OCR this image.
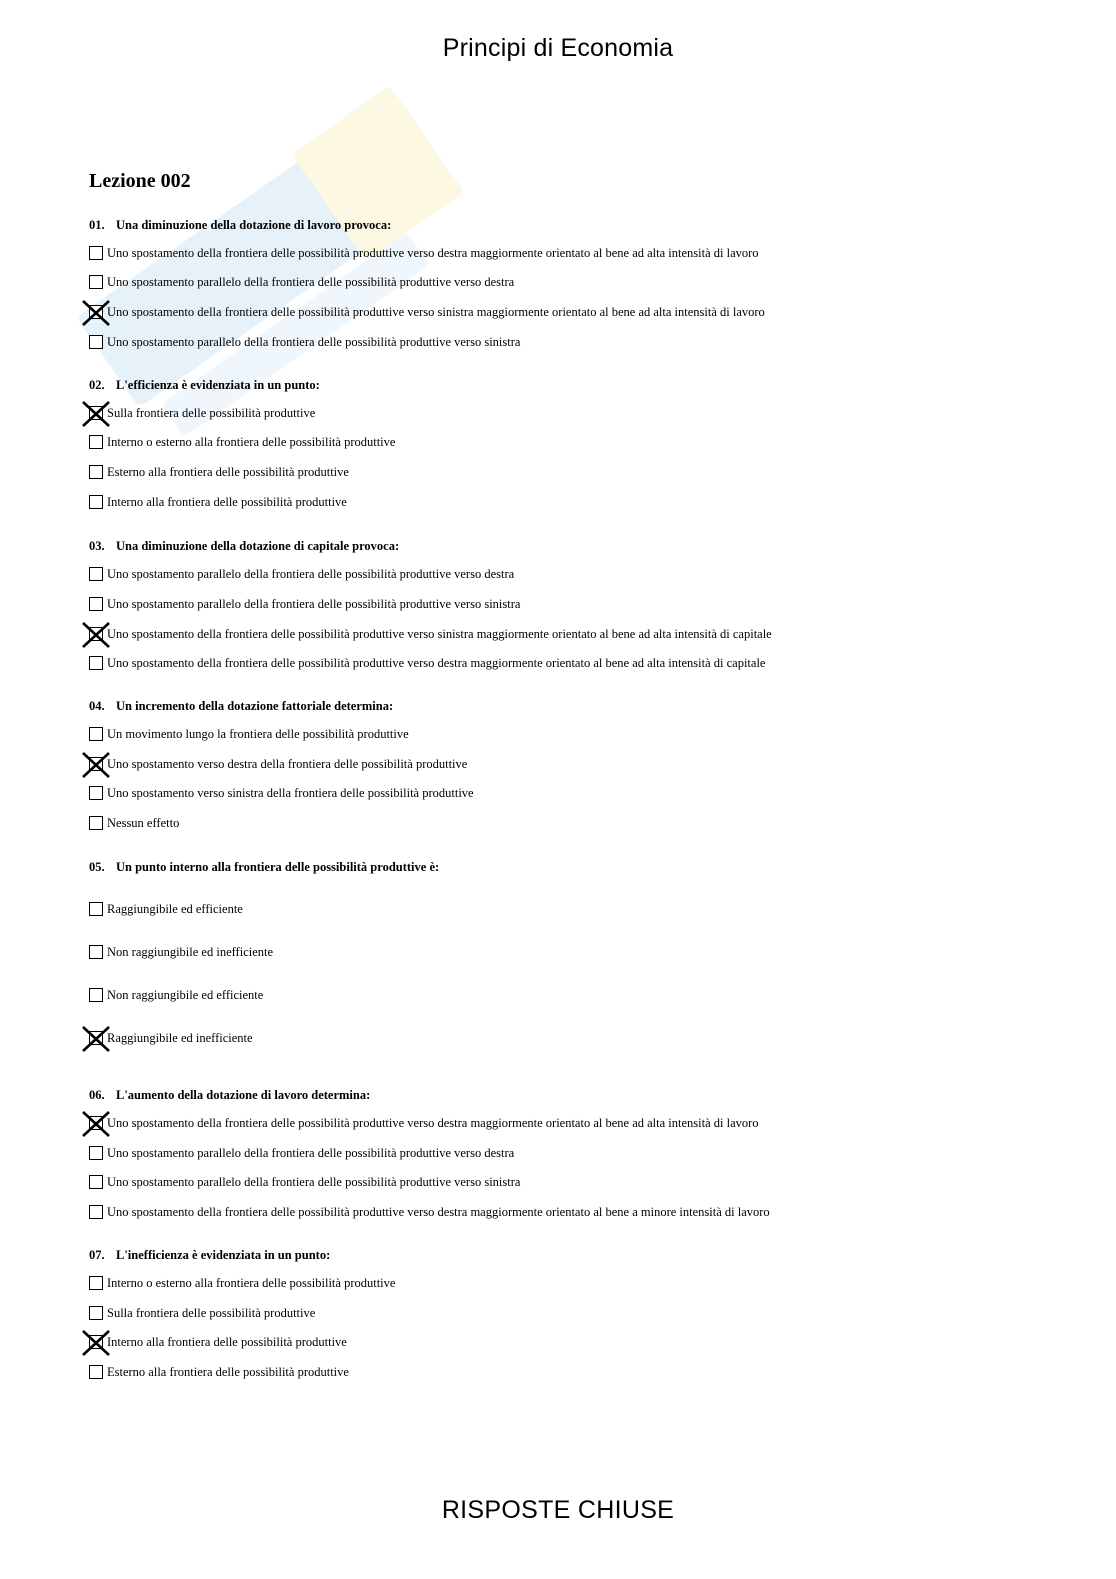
Principi di Economia
Lezione 002
01. Una diminuzione della dotazione di lavoro provoca:
Uno spostamento della frontiera delle possibilità produttive verso destra maggiormente orientato al bene ad alta intensità di lavoro
Uno spostamento parallelo della frontiera delle possibilità produttive verso destra
Uno spostamento della frontiera delle possibilità produttive verso sinistra maggiormente orientato al bene ad alta intensità di lavoro
Uno spostamento parallelo della frontiera delle possibilità produttive verso sinistra
02. L'efficienza è evidenziata in un punto:
Sulla frontiera delle possibilità produttive
Interno o esterno alla frontiera delle possibilità produttive
Esterno alla frontiera delle possibilità produttive
Interno alla frontiera delle possibilità produttive
03. Una diminuzione della dotazione di capitale provoca:
Uno spostamento parallelo della frontiera delle possibilità produttive verso destra
Uno spostamento parallelo della frontiera delle possibilità produttive verso sinistra
Uno spostamento della frontiera delle possibilità produttive verso sinistra maggiormente orientato al bene ad alta intensità di capitale
Uno spostamento della frontiera delle possibilità produttive verso destra maggiormente orientato al bene ad alta intensità di capitale
04. Un incremento della dotazione fattoriale determina:
Un movimento lungo la frontiera delle possibilità produttive
Uno spostamento verso destra della frontiera delle possibilità produttive
Uno spostamento verso sinistra della frontiera delle possibilità produttive
Nessun effetto
05. Un punto interno alla frontiera delle possibilità produttive è:
Raggiungibile ed efficiente
Non raggiungibile ed inefficiente
Non raggiungibile ed efficiente
Raggiungibile ed inefficiente
06. L'aumento della dotazione di lavoro determina:
Uno spostamento della frontiera delle possibilità produttive verso destra maggiormente orientato al bene ad alta intensità di lavoro
Uno spostamento parallelo della frontiera delle possibilità produttive verso destra
Uno spostamento parallelo della frontiera delle possibilità produttive verso sinistra
Uno spostamento della frontiera delle possibilità produttive verso destra maggiormente orientato al bene a minore intensità di lavoro
07. L'inefficienza è evidenziata in un punto:
Interno o esterno alla frontiera delle possibilità produttive
Sulla frontiera delle possibilità produttive
Interno alla frontiera delle possibilità produttive
Esterno alla frontiera delle possibilità produttive
RISPOSTE CHIUSE
